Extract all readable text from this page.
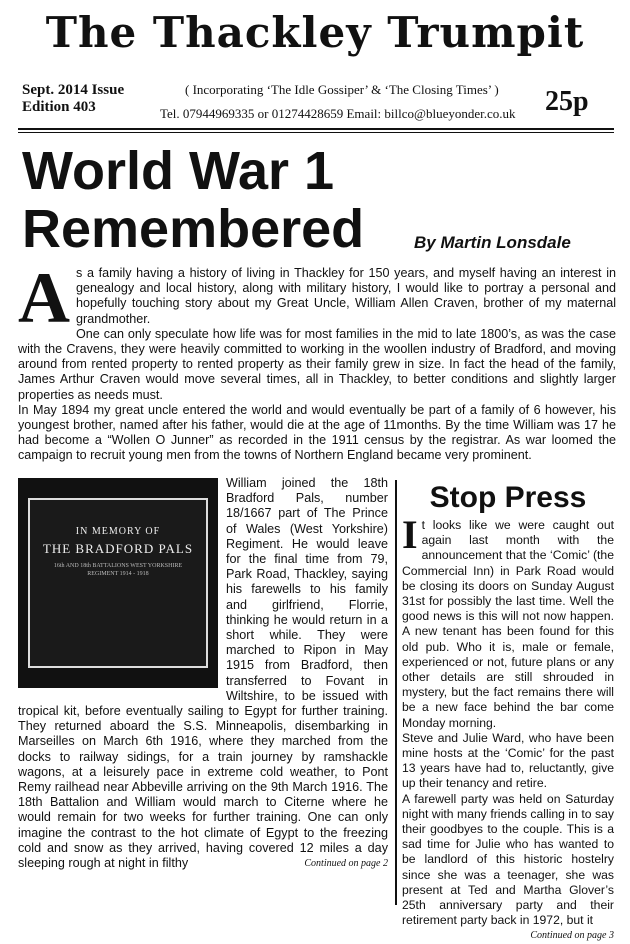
The Thackley Trumpit
Sept. 2014 Issue
Edition 403
( Incorporating ‘The Idle Gossiper’ & ‘The Closing Times’ )
Tel. 07944969335 or 01274428659 Email: billco@blueyonder.co.uk 25p
World War 1
Remembered	By Martin Lonsdale
A s a family having a history of living in Thackley for 150 years, and myself having an interest in genealogy and local history, along with military history, I would like to portray a personal and hopefully touching story about my Great Uncle, William Allen Craven, brother of my maternal grandmother.

One can only speculate how life was for most families in the mid to late 1800’s, as was the case with the Cravens, they were heavily committed to working in the woollen industry of Bradford, and moving around from rented property to rented property as their family grew in size. In fact the head of the family, James Arthur Craven would move several times, all in Thackley, to better conditions and slightly larger properties as needs must.

In May 1894 my great uncle entered the world and would eventually be part of a family of 6 however, his youngest brother, named after his father, would die at the age of 11months. By the time William was 17 he had become a “Wollen O Junner” as recorded in the 1911 census by the registrar. As war loomed the campaign to recruit young men from the towns of Northern England became very prominent.

IN MEMORY OF
THE BRADFORD PALS
16th AND 18th BATTALIONS WEST YORKSHIRE REGIMENT 1914 - 1918

William joined the 18th Bradford Pals, number 18/1667 part of The Prince of Wales (West Yorkshire) Regiment. He would leave for the final time from 79, Park Road, Thackley, saying his farewells to his family and girlfriend, Florrie, thinking he would return in a short while. They were marched to Ripon in May 1915 from Bradford, then transferred to Fovant in Wiltshire, to be issued with tropical kit, before eventually sailing to Egypt for further training. They returned aboard the S.S. Minneapolis, disembarking in Marseilles on March 6th 1916, where they marched from the docks to railway sidings, for a train journey by ramshackle wagons, at a leisurely pace in extreme cold weather, to Pont Remy railhead near Abbeville arriving on the 9th March 1916. The 18th Battalion and William would march to Citerne where he would remain for two weeks for further training. One can only imagine the contrast to the hot climate of Egypt to the freezing cold and snow as they arrived, having covered 12 miles a day sleeping rough at night in filthy	Continued on page 2

Stop Press
I t looks like we were caught out again last month with the announcement that the ‘Comic’ (the Commercial Inn) in Park Road would be closing its doors on Sunday August 31st for possibly the last time. Well the good news is this will not now happen. A new tenant has been found for this old pub. Who it is, male or female, experienced or not, future plans or any other details are still shrouded in mystery, but the fact remains there will be a new face behind the bar come Monday morning.

Steve and Julie Ward, who have been mine hosts at the ‘Comic’ for the past 13 years have had to, reluctantly, give up their tenancy and retire.

A farewell party was held on Saturday night with many friends calling in to say their goodbyes to the couple. This is a sad time for Julie who has wanted to be landlord of this historic hostelry since she was a teenager, she was present at Ted and Martha Glover’s 25th anniversary party and their retirement party back in 1972, but it
Continued on page 3
